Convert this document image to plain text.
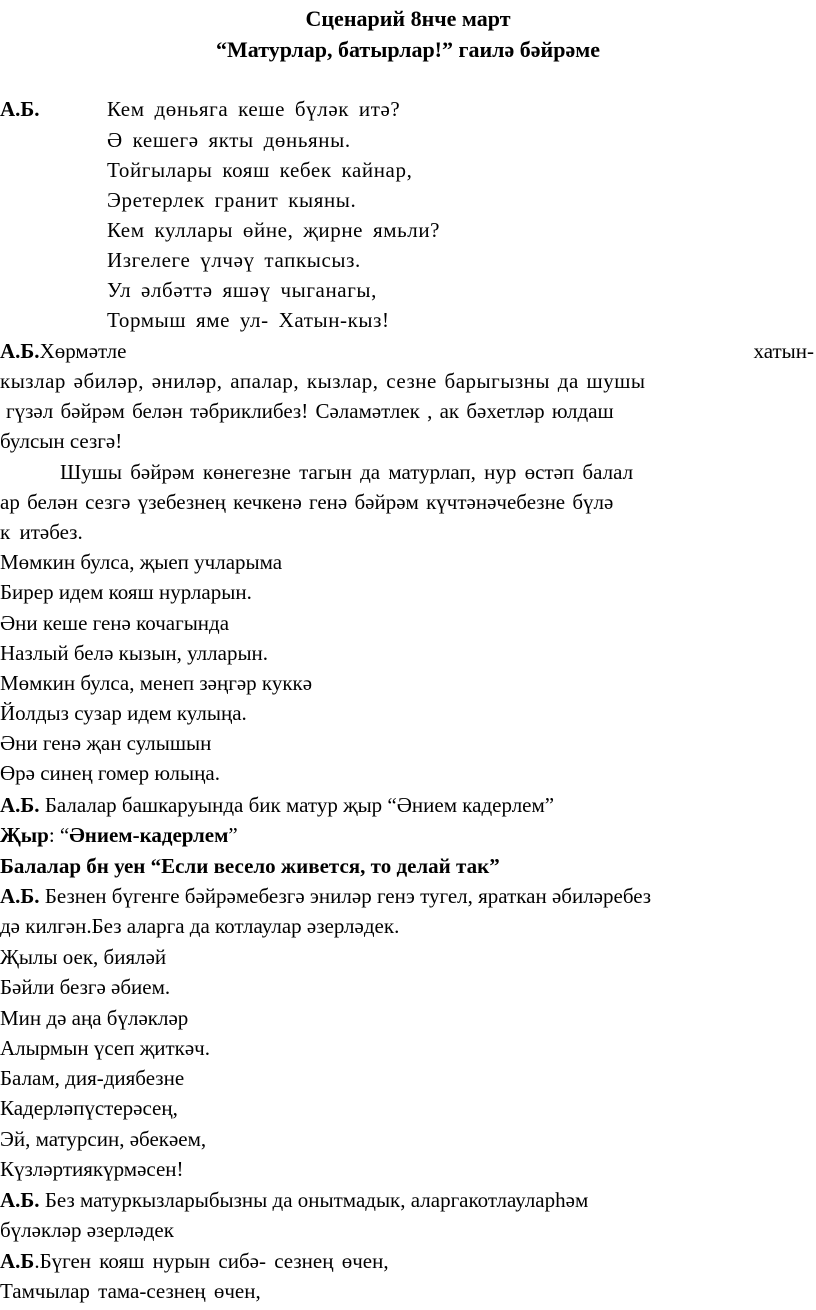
Сценарий 8нче март
“Матурлар, батырлар!” гаилә бәйрәме
А.Б.	Кем дөньяга кеше бүләк итә?
Ә кешегә якты дөньяны.
Тойгылары кояш кебек кайнар,
Эретерлек гранит кыяны.
Кем куллары өйне, җирне ямьли?
Изгелеге үлчәү тапкысыз.
Ул әлбәттә яшәү чыганагы,
Тормыш яме ул- Хатын-кыз!
А.Б.Хөрмәтле	хатын-
кызлар әбиләр, әниләр, апалар, кызлар, сезне барыгызны да шушы
гүзәл бәйрәм белән тәбриклибез! Сәламәтлек , ак бәхетләр юлдаш
булсын сезгә!
Шушы бәйрәм көнегезне тагын да матурлап, нур өстәп балал
ар белән сезгә үзебезнең кечкенә генә бәйрәм күчтәнәчебезне бүлә
к итәбез.
Мөмкин булса, җыеп учларыма
Бирер идем кояш нурларын.
Әни кеше генә кочагында
Назлый белә кызын, улларын.
Мөмкин булса, менеп зәңгәр куккә
Йолдыз сузар идем кулыңа.
Әни генә җан сулышын
Өрә синең гомер юлыңа.
А.Б. Балалар башкаруында бик матур җыр “Әнием кадерлем”
Җыр: “Әнием-кадерлем”
Балалар бн уен “Если весело живется, то делай так”
А.Б. Безнен бүгенге бәйрәмебезгә эниләр генэ тугел, яраткан әбиләребез
дә килгән.Без аларга да котлаулар әзерләдек.
Җылы оек, бияләй
Бәйли безгә әбием.
Мин дә аңа бүләкләр
Алырмын үсеп җиткәч.
Балам, дия-диябезне
Кадерләпүстерәсең,
Эй, матурсин, әбекәем,
Күзләртиякүрмәсен!
А.Б. Без матуркызларыбызны да онытмадык, аларгакотлауларһәм
бүләкләр әзерләдек
А.Б.Бүген кояш нурын сибә- сезнең өчен,
Тамчылар тама-сезнең өчен,
